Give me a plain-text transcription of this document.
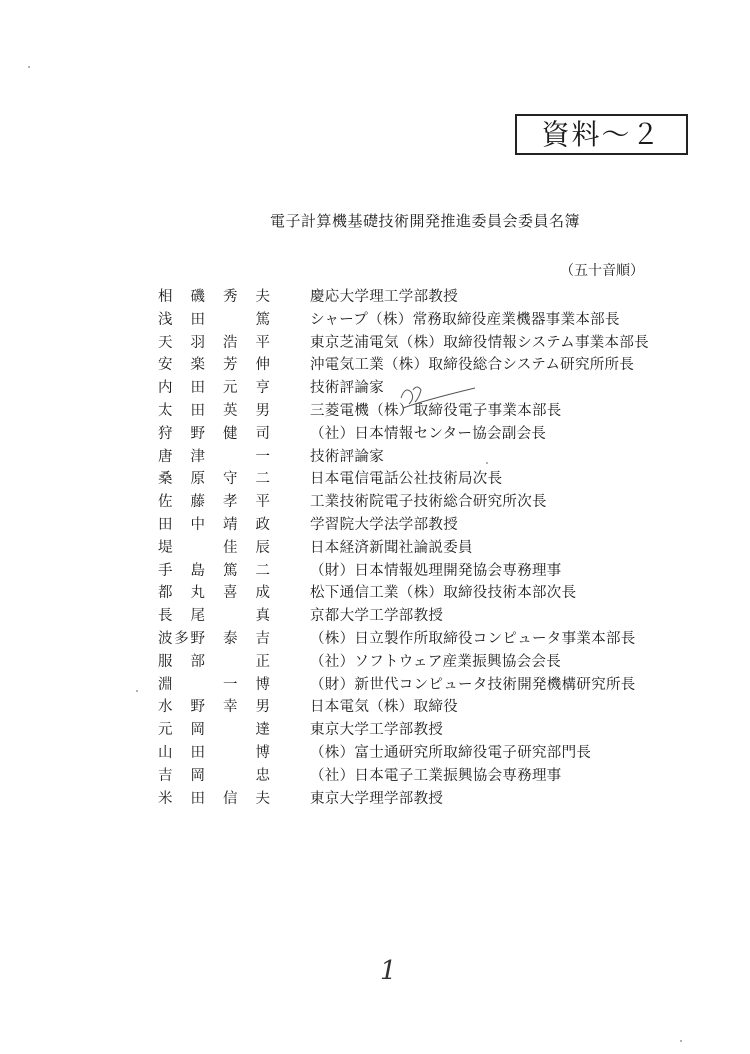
資料～２
電子計算機基礎技術開発推進委員会委員名簿
（五十音順）
相　磯　秀　夫	慶応大学理工学部教授
浅　田　　　篤	シャープ（株）常務取締役産業機器事業本部長
天　羽　浩　平	東京芝浦電気（株）取締役情報システム事業本部長
安　楽　芳　伸	沖電気工業（株）取締役総合システム研究所所長
内　田　元　亨	技術評論家
太　田　英　男	三菱電機（株）取締役電子事業本部長
狩　野　健　司	（社）日本情報センター協会副会長
唐　津　　　一	技術評論家
桑　原　守　二	日本電信電話公社技術局次長
佐　藤　孝　平	工業技術院電子技術総合研究所次長
田　中　靖　政	学習院大学法学部教授
堤　　　佳　辰	日本経済新聞社論説委員
手　島　篤　二	（財）日本情報処理開発協会専務理事
都　丸　喜　成	松下通信工業（株）取締役技術本部次長
長　尾　　　真	京都大学工学部教授
波多野　泰　吉	（株）日立製作所取締役コンピュータ事業本部長
服　部　　　正	（社）ソフトウェア産業振興協会会長
淵　　　一　博	（財）新世代コンピュータ技術開発機構研究所長
水　野　幸　男	日本電気（株）取締役
元　岡　　　達	東京大学工学部教授
山　田　　　博	（株）富士通研究所取締役電子研究部門長
吉　岡　　　忠	（社）日本電子工業振興協会専務理事
米　田　信　夫	東京大学理学部教授
1
